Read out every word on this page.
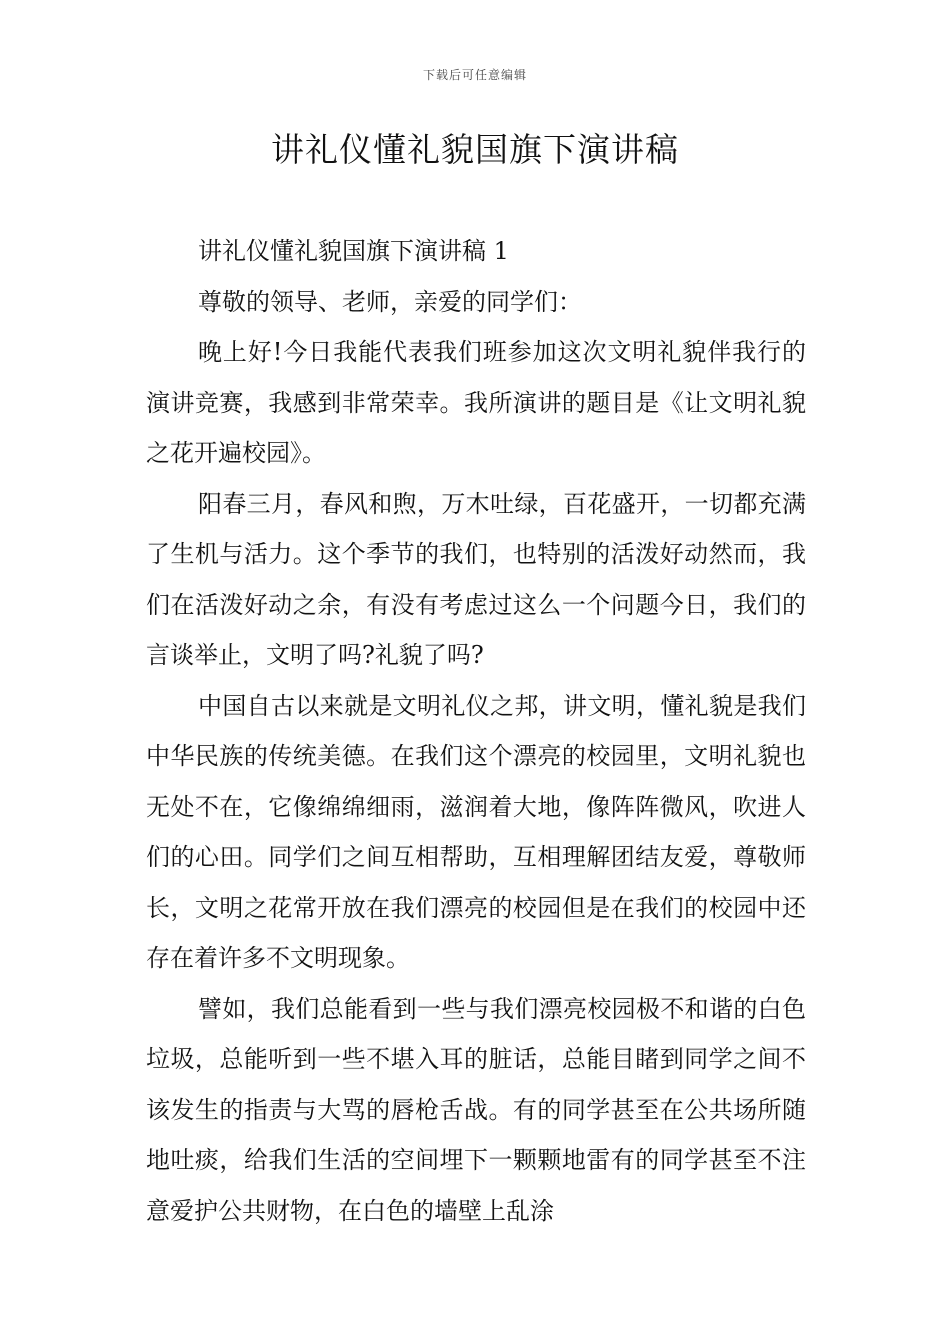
下载后可任意编辑
讲礼仪懂礼貌国旗下演讲稿

讲礼仪懂礼貌国旗下演讲稿 1

尊敬的领导、老师，亲爱的同学们：

晚上好!今日我能代表我们班参加这次文明礼貌伴我行的演讲竞赛，我感到非常荣幸。我所演讲的题目是《让文明礼貌之花开遍校园》。

阳春三月，春风和煦，万木吐绿，百花盛开，一切都充满了生机与活力。这个季节的我们，也特别的活泼好动然而，我们在活泼好动之余，有没有考虑过这么一个问题今日，我们的言谈举止，文明了吗?礼貌了吗?

中国自古以来就是文明礼仪之邦，讲文明，懂礼貌是我们中华民族的传统美德。在我们这个漂亮的校园里，文明礼貌也无处不在，它像绵绵细雨，滋润着大地，像阵阵微风，吹进人们的心田。同学们之间互相帮助，互相理解团结友爱，尊敬师长，文明之花常开放在我们漂亮的校园但是在我们的校园中还存在着许多不文明现象。

譬如，我们总能看到一些与我们漂亮校园极不和谐的白色垃圾，总能听到一些不堪入耳的脏话，总能目睹到同学之间不该发生的指责与大骂的唇枪舌战。有的同学甚至在公共场所随地吐痰，给我们生活的空间埋下一颗颗地雷有的同学甚至不注意爱护公共财物，在白色的墙壁上乱涂
